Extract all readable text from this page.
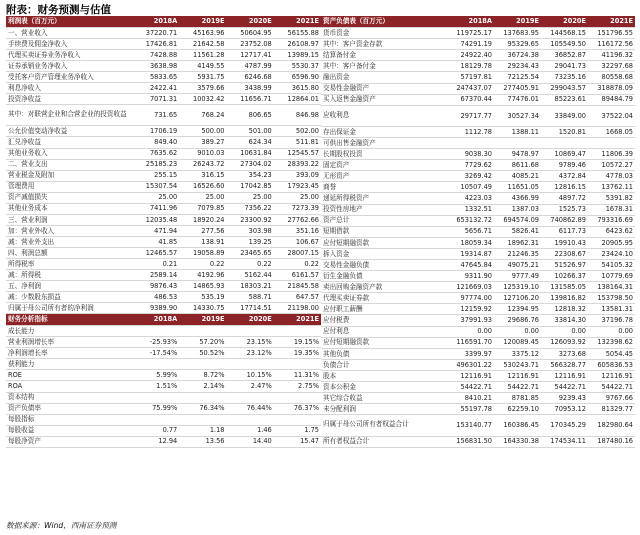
附表：财务预测与估值
利润表（百万元）	2018A	2019E	2020E	2021E
一、营业收入	37220.71	45163.96	50604.95	56155.88
手续费及佣金净收入	17426.81	21642.58	23752.08	26108.97
代理买卖证券业务净收入	7428.88	11561.28	12717.41	13989.15
证券承销业务净收入	3638.98	4149.55	4787.99	5530.37
受托客户资产管理业务净收入	5833.65	5931.75	6246.68	6596.90
利息净收入	2422.41	3579.66	3438.99	3615.80
投资净收益	7071.31	10032.42	11656.71	12864.01
其中：对联营企业和合营企业的投资收益	731.65	768.24	806.65	846.98
公允价值变动净收益	1706.19	500.00	501.00	502.00
汇兑净收益	849.40	389.27	624.34	511.81
其他业务收入	7635.62	9010.03	10631.84	12545.57
二、营业支出	25185.23	26243.72	27304.02	28393.22
营业税金及附加	255.15	316.15	354.23	393.09
管理费用	15307.54	16526.60	17042.85	17923.45
资产减值损失	25.00	25.00	25.00	25.00
其他业务成本	7411.96	7079.85	7356.22	7273.39
三、营业利润	12035.48	18920.24	23300.92	27762.66
加：营业外收入	471.94	277.56	303.98	351.16
减：营业外支出	41.85	138.91	139.25	106.67
四、利润总额	12465.57	19058.89	23465.65	28007.15
所得税率	0.21	0.22	0.22	0.22
减：所得税	2589.14	4192.96	5162.44	6161.57
五、净利润	9876.43	14865.93	18303.21	21845.58
减：少数股东损益	486.53	535.19	588.71	647.57
归属于母公司所有者的净利润	9389.90	14330.75	17714.51	21198.00
财务分析指标	2018A	2019E	2020E	2021E
成长能力				
营业利润增长率	-25.93%	57.20%	23.15%	19.15%
净利润增长率	-17.54%	50.52%	23.12%	19.35%
获利能力				
ROE	5.99%	8.72%	10.15%	11.31%
ROA	1.51%	2.14%	2.47%	2.75%
资本结构				
资产负债率	75.99%	76.34%	76.44%	76.37%
每股指标				
每股收益	0.77	1.18	1.46	1.75
每股净资产	12.94	13.56	14.40	15.47
资产负债表（百万元）	2018A	2019E	2020E	2021E
货币资金	119725.17	137683.95	144568.15	151796.55
其中：客户资金存款	74291.19	95329.65	105549.50	116172.56
结算备付金	24922.40	36724.38	36852.87	41196.32
其中：客户备付金	18129.78	29234.43	29041.73	32297.68
融出资金	57197.81	72125.54	73235.16	80558.68
交易性金融资产	247437.07	277405.91	299043.57	318878.09
买入返售金融资产	67370.44	77476.01	85223.61	89484.79
应收利息	29717.77	30527.34	33849.00	37522.04
存出保证金	1112.78	1388.11	1520.81	1668.05
可供出售金融资产				
长期股权投资	9038.30	9478.97	10869.47	11806.39
固定资产	7729.62	8611.68	9789.46	10572.27
无形资产	3269.42	4085.21	4372.84	4778.03
商誉	10507.49	11651.05	12816.15	13762.11
递延所得税资产	4223.03	4366.99	4897.72	5391.82
投资性房地产	1332.51	1387.03	1525.73	1678.31
资产总计	653132.72	694574.09	740862.89	793316.69
短期借款	5656.71	5826.41	6117.73	6423.62
应付短期融资款	18059.34	18962.31	19910.43	20905.95
拆入资金	19314.87	21246.35	22308.67	23424.10
交易性金融负债	47645.84	49075.21	51526.97	54105.32
衍生金融负债	9311.90	9777.49	10266.37	10779.69
卖出回购金融资产款	121669.03	125319.10	131585.05	138164.31
代理买卖证券款	97774.00	127106.20	139816.82	153798.50
应付职工薪酬	12159.92	12394.95	12818.32	13581.31
应付税费	37991.93	29686.76	33814.30	37196.78
应付利息	0.00	0.00	0.00	0.00
应付短期融资款	116591.70	120089.45	126093.92	132398.62
其他负债	3399.97	3375.12	3273.68	5054.45
负债合计	496301.22	530243.71	566328.77	605836.53
股本	12116.91	12116.91	12116.91	12116.91
资本公积金	54422.71	54422.71	54422.71	54422.71
其它综合收益	8410.21	8781.85	9239.43	9767.66
未分配利润	55197.78	62259.10	70953.12	81329.77
归属于母公司所有者权益合计	153140.77	160386.45	170345.29	182980.64
所有者权益合计	156831.50	164330.38	174534.11	187480.16
数据来源：Wind，西南证券预测
